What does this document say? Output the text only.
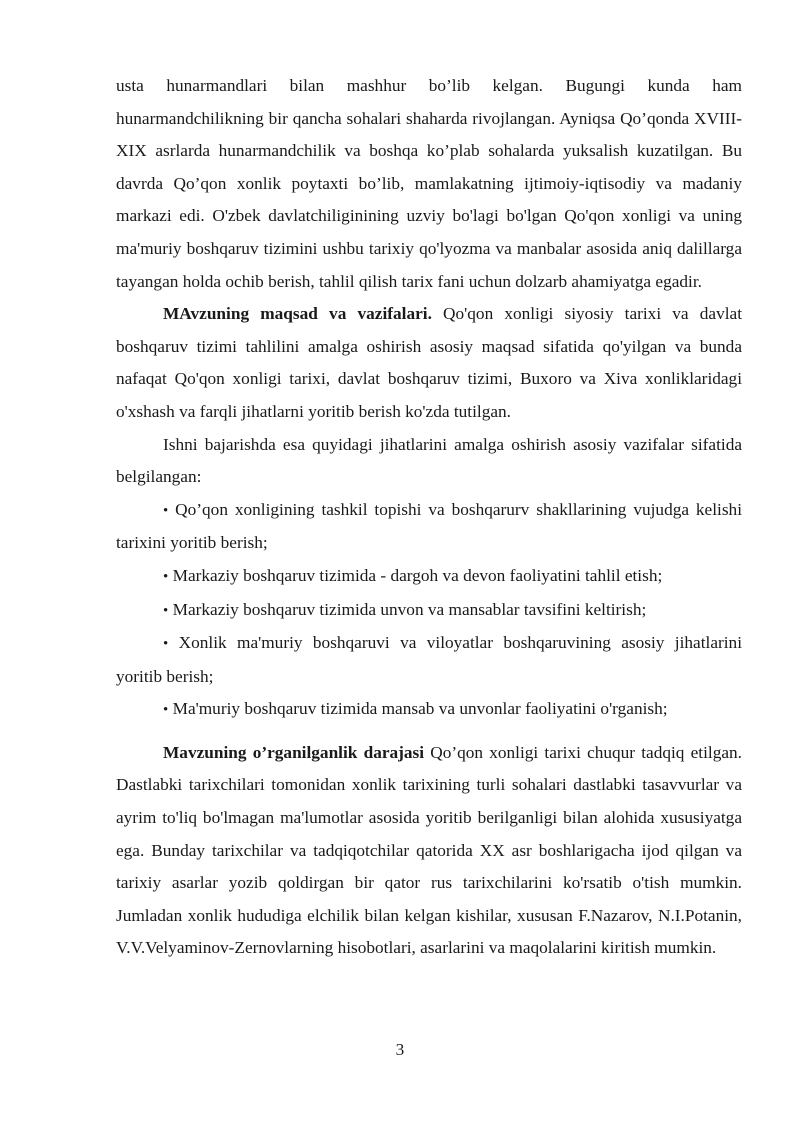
usta hunarmandlari bilan mashhur bo’lib kelgan. Bugungi kunda ham hunarmandchilikning bir qancha sohalari shaharda rivojlangan. Ayniqsa Qo’qonda XVIII-XIX asrlarda hunarmandchilik va boshqa ko’plab sohalarda yuksalish kuzatilgan. Bu davrda Qo’qon xonlik poytaxti bo’lib, mamlakatning ijtimoiy-iqtisodiy va madaniy markazi edi. O'zbek davlatchiliginining uzviy bo'lagi bo'lgan Qo'qon xonligi va uning ma'muriy boshqaruv tizimini ushbu tarixiy qo'lyozma va manbalar asosida aniq dalillarga tayangan holda ochib berish, tahlil qilish tarix fani uchun dolzarb ahamiyatga egadir.

MAvzuning maqsad va vazifalari. Qo'qon xonligi siyosiy tarixi va davlat boshqaruv tizimi tahlilini amalga oshirish asosiy maqsad sifatida qo'yilgan va bunda nafaqat Qo'qon xonligi tarixi, davlat boshqaruv tizimi, Buxoro va Xiva xonliklaridagi o'xshash va farqli jihatlarni yoritib berish ko'zda tutilgan.

Ishni bajarishda esa quyidagi jihatlarini amalga oshirish asosiy vazifalar sifatida belgilangan:

• Qo’qon xonligining tashkil topishi va boshqarurv shakllarining vujudga kelishi tarixini yoritib berish;

• Markaziy boshqaruv tizimida - dargoh va devon faoliyatini tahlil etish;

• Markaziy boshqaruv tizimida unvon va mansablar tavsifini keltirish;

• Xonlik ma'muriy boshqaruvi va viloyatlar boshqaruvining asosiy jihatlarini yoritib berish;

• Ma'muriy boshqaruv tizimida mansab va unvonlar faoliyatini o'rganish;

Mavzuning o’rganilganlik darajasi Qo’qon xonligi tarixi chuqur tadqiq etilgan. Dastlabki tarixchilari tomonidan xonlik tarixining turli sohalari dastlabki tasavvurlar va ayrim to'liq bo'lmagan ma'lumotlar asosida yoritib berilganligi bilan alohida xususiyatga ega. Bunday tarixchilar va tadqiqotchilar qatorida XX asr boshlarigacha ijod qilgan va tarixiy asarlar yozib qoldirgan bir qator rus tarixchilarini ko'rsatib o'tish mumkin. Jumladan xonlik hududiga elchilik bilan kelgan kishilar, xususan F.Nazarov, N.I.Potanin, V.V.Velyaminov-Zernovlarning hisobotlari, asarlarini va maqolalarini kiritish mumkin.

3
